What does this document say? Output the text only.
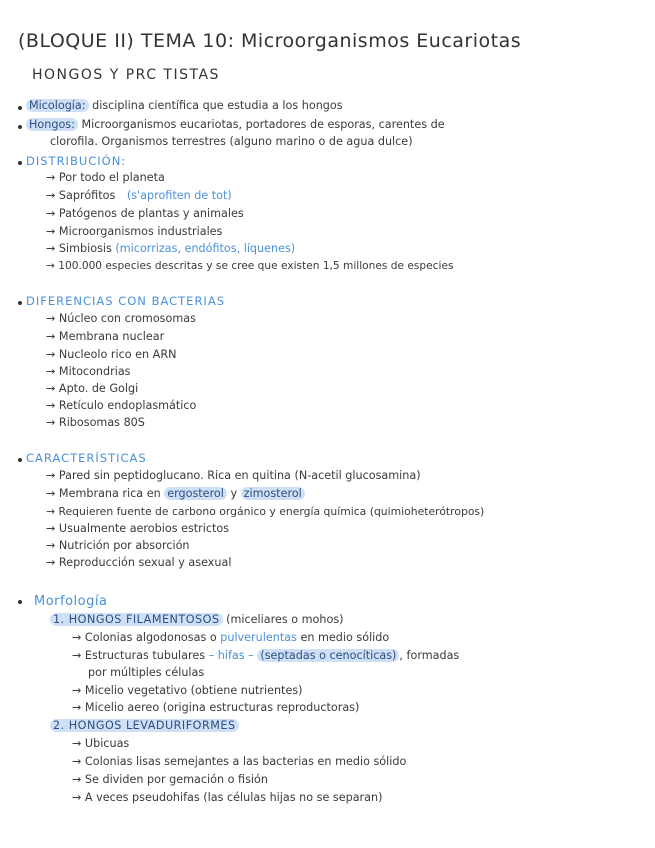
(BLOQUE II) TEMA 10: Microorganismos Eucariotas
HONGOS Y PRC TISTAS
Micología: disciplina científica que estudia a los hongos
Hongos: Microorganismos eucariotas, portadores de esporas, carentes de
clorofila. Organismos terrestres (alguno marino o de agua dulce)
DISTRIBUCIÓN:
→ Por todo el planeta
→ Saprófitos (s'aprofiten de tot)
→ Patógenos de plantas y animales
→ Microorganismos industriales
→ Simbiosis (micorrizas, endófitos, líquenes)
→ 100.000 especies descritas y se cree que existen 1,5 millones de especies
DIFERENCIAS CON BACTERIAS
→ Núcleo con cromosomas
→ Membrana nuclear
→ Nucleolo rico en ARN
→ Mitocondrias
→ Apto. de Golgi
→ Retículo endoplasmático
→ Ribosomas 80S
CARACTERÍSTICAS
→ Pared sin peptidoglucano. Rica en quitina (N-acetil glucosamina)
→ Membrana rica en ergosterol y zimosterol
→ Requieren fuente de carbono orgánico y energía química (quimioheterótropos)
→ Usualmente aerobios estrictos
→ Nutrición por absorción
→ Reproducción sexual y asexual
Morfología
1. HONGOS FILAMENTOSOS (miceliares o mohos)
→ Colonias algodonosas o pulverulentas en medio sólido
→ Estructuras tubulares – hifas – (septadas o cenocíticas) , formadas
por múltiples células
→ Micelio vegetativo (obtiene nutrientes)
→ Micelio aereo (origina estructuras reproductoras)
2. HONGOS LEVADURIFORMES
→ Ubicuas
→ Colonias lisas semejantes a las bacterias en medio sólido
→ Se dividen por gemación o fisión
→ A veces pseudohifas (las células hijas no se separan)
